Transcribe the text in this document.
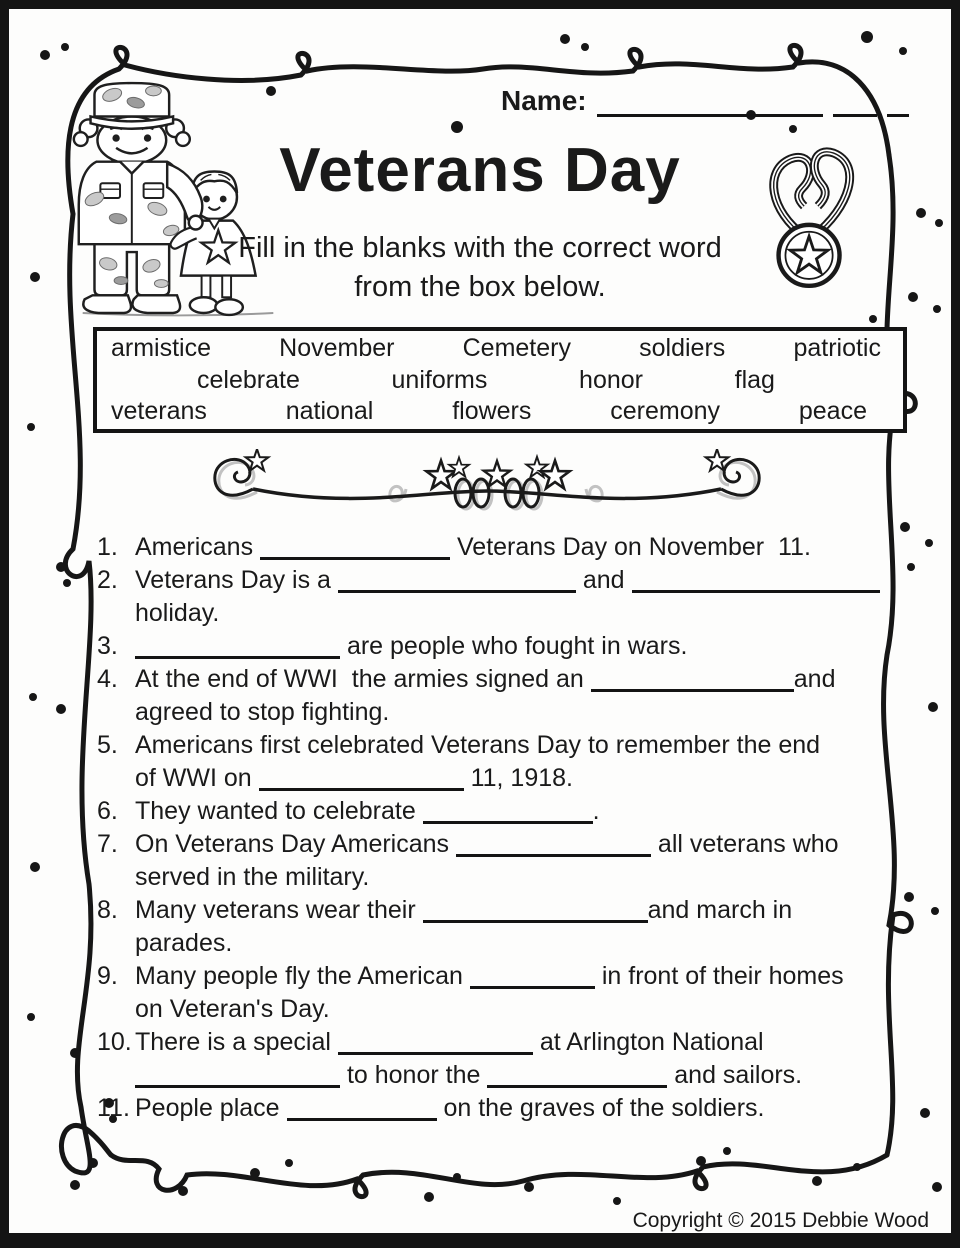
Name:
Veterans Day
Fill in the blanks with the correct word
from the box below.
armistice	November	Cemetery	soldiers	patriotic
celebrate	uniforms	honor	flag
veterans	national	flowers	ceremony	peace
1. Americans	Veterans Day on November  11.
2. Veterans Day is a	and
holiday.
3.	are people who fought in wars.
4. At the end of WWI  the armies signed an	and
agreed to stop fighting.
5. Americans first celebrated Veterans Day to remember the end
of WWI on	11, 1918.
6. They wanted to celebrate	.
7. On Veterans Day Americans	all veterans who
served in the military.
8. Many veterans wear their	and march in
parades.
9. Many people fly the American	in front of their homes
on Veteran's Day.
10. There is a special	at Arlington National
to honor the	and sailors.
11. People place	on the graves of the soldiers.
Copyright © 2015 Debbie Wood
